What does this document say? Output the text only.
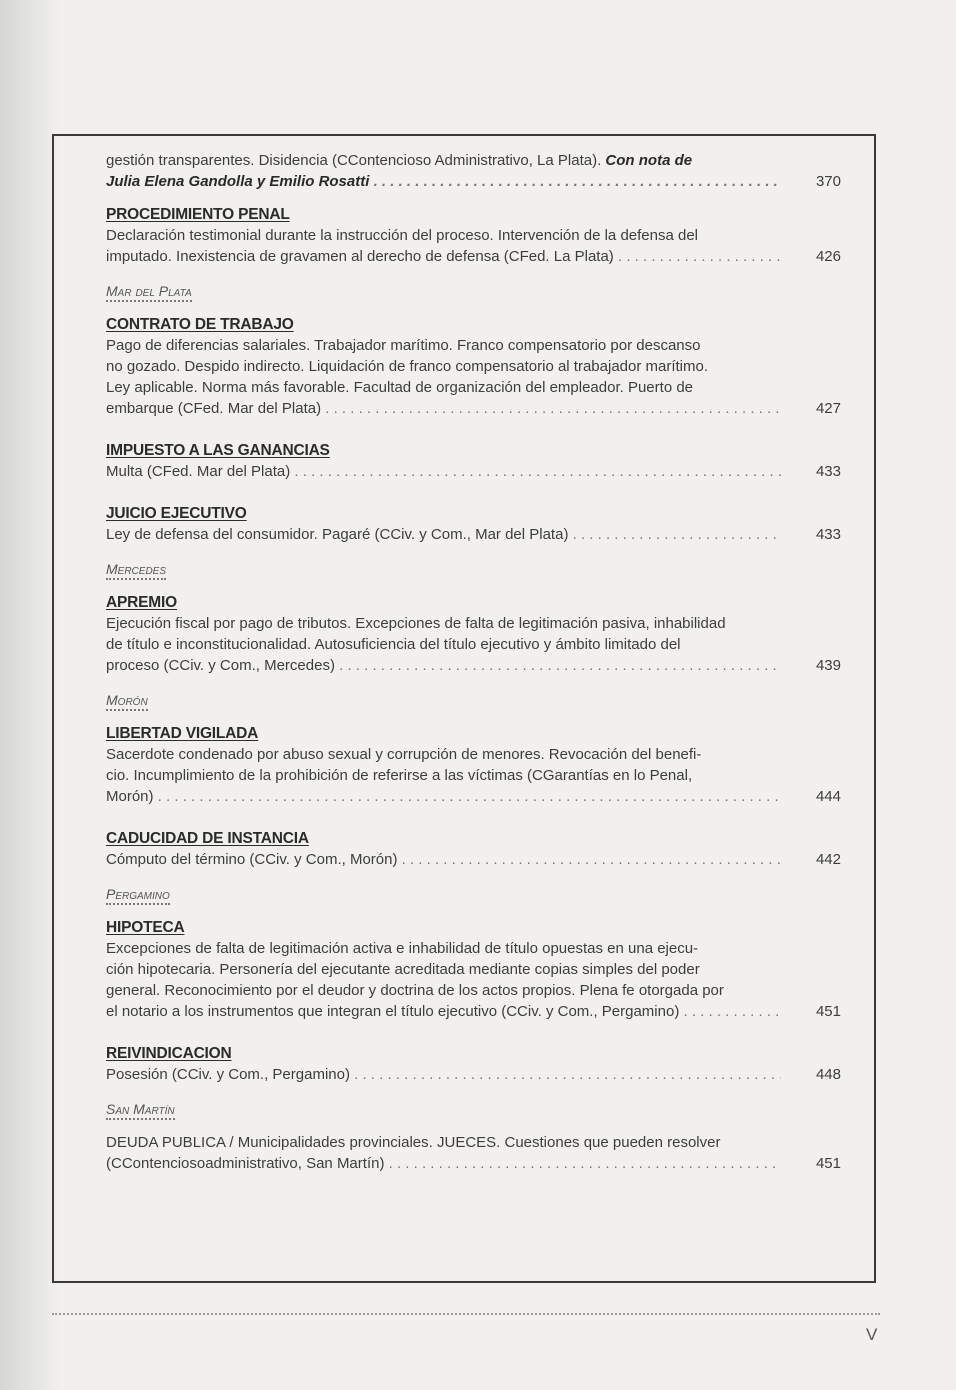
gestión transparentes. Disidencia (CContencioso Administrativo, La Plata). Con nota de
Julia Elena Gandolla y Emilio Rosatti . . .	370
PROCEDIMIENTO PENAL
Declaración testimonial durante la instrucción del proceso. Intervención de la defensa del
imputado. Inexistencia de gravamen al derecho de defensa (CFed. La Plata) . . .	426
Mar del Plata
CONTRATO DE TRABAJO
Pago de diferencias salariales. Trabajador marítimo. Franco compensatorio por descanso
no gozado. Despido indirecto. Liquidación de franco compensatorio al trabajador marítimo.
Ley aplicable. Norma más favorable. Facultad de organización del empleador. Puerto de
embarque (CFed. Mar del Plata) . . .	427
IMPUESTO A LAS GANANCIAS
Multa (CFed. Mar del Plata) . . .	433
JUICIO EJECUTIVO
Ley de defensa del consumidor. Pagaré (CCiv. y Com., Mar del Plata) . . .	433
Mercedes
APREMIO
Ejecución fiscal por pago de tributos. Excepciones de falta de legitimación pasiva, inhabilidad
de título e inconstitucionalidad. Autosuficiencia del título ejecutivo y ámbito limitado del
proceso (CCiv. y Com., Mercedes) . . .	439
Morón
LIBERTAD VIGILADA
Sacerdote condenado por abuso sexual y corrupción de menores. Revocación del benefi-
cio. Incumplimiento de la prohibición de referirse a las víctimas (CGarantías en lo Penal,
Morón) . . .	444
CADUCIDAD DE INSTANCIA
Cómputo del término (CCiv. y Com., Morón) . . .	442
Pergamino
HIPOTECA
Excepciones de falta de legitimación activa e inhabilidad de título opuestas en una ejecu-
ción hipotecaria. Personería del ejecutante acreditada mediante copias simples del poder
general. Reconocimiento por el deudor y doctrina de los actos propios. Plena fe otorgada por
el notario a los instrumentos que integran el título ejecutivo (CCiv. y Com., Pergamino) . . .	451
REIVINDICACION
Posesión (CCiv. y Com., Pergamino) . . .	448
San Martín
DEUDA PUBLICA / Municipalidades provinciales. JUECES. Cuestiones que pueden resolver
(CContenciosoadministrativo, San Martín) . . .	451
V
